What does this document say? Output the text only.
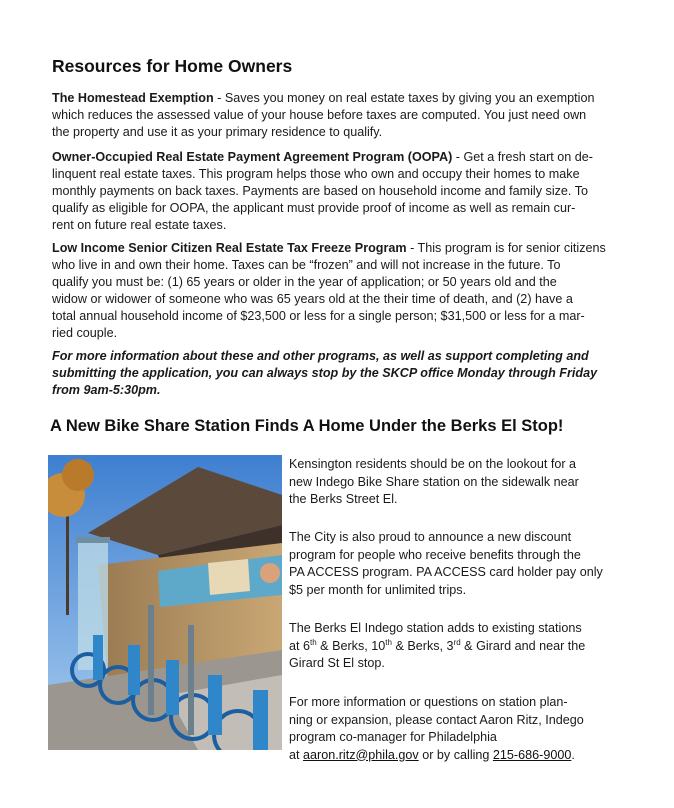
Resources for Home Owners

The Homestead Exemption - Saves you money on real estate taxes by giving you an exemption
which reduces the assessed value of your house before taxes are computed. You just need own
the property and use it as your primary residence to qualify.

Owner-Occupied Real Estate Payment Agreement Program (OOPA) - Get a fresh start on de-
linquent real estate taxes. This program helps those who own and occupy their homes to make
monthly payments on back taxes. Payments are based on household income and family size. To
qualify as eligible for OOPA, the applicant must provide proof of income as well as remain cur-
rent on future real estate taxes.

Low Income Senior Citizen Real Estate Tax Freeze Program - This program is for senior citizens
who live in and own their home. Taxes can be “frozen” and will not increase in the future. To
qualify you must be: (1) 65 years or older in the year of application; or 50 years old and the
widow or widower of someone who was 65 years old at the their time of death, and (2) have a
total annual household income of $23,500 or less for a single person; $31,500 or less for a mar-
ried couple.

For more information about these and other programs, as well as support completing and
submitting the application, you can always stop by the SKCP office Monday through Friday
from 9am-5:30pm.

A New Bike Share Station Finds A Home Under the Berks El Stop!

Kensington residents should be on the lookout for a
new Indego Bike Share station on the sidewalk near
the Berks Street El.

The City is also proud to announce a new discount
program for people who receive benefits through the
PA ACCESS program. PA ACCESS card holder pay only
$5 per month for unlimited trips.

The Berks El Indego station adds to existing stations
at 6th & Berks, 10th & Berks, 3rd & Girard and near the
Girard St El stop.

For more information or questions on station plan-
ning or expansion, please contact Aaron Ritz, Indego
program co-manager for Philadelphia
at aaron.ritz@phila.gov or by calling 215-686-9000.
